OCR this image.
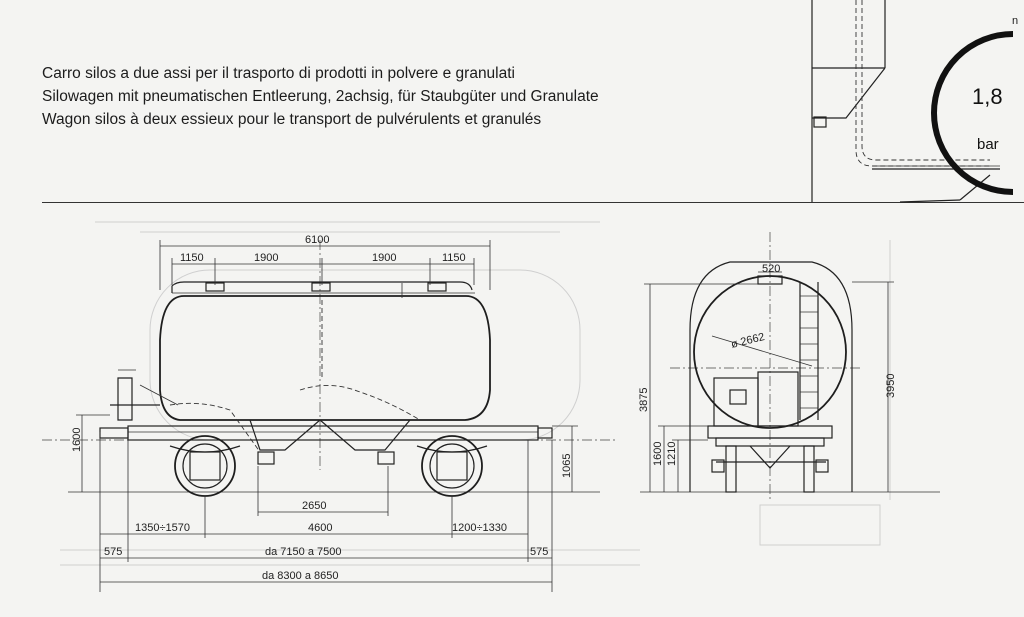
Carro silos a due assi per il trasporto di prodotti in polvere e granulati
Silowagen mit pneumatischen Entleerung, 2achsig, für Staubgüter und Granulate
Wagon silos à deux essieux pour le transport de pulvérulents et granulés
n
1,8
bar
6100
1150	1900	1900	1150
1600
1065
2650
1350÷1570	4600	1200÷1330
575	da 7150 a 7500	575
da 8300 a 8650
ø 2662
520
3875
1600 1210
3950
